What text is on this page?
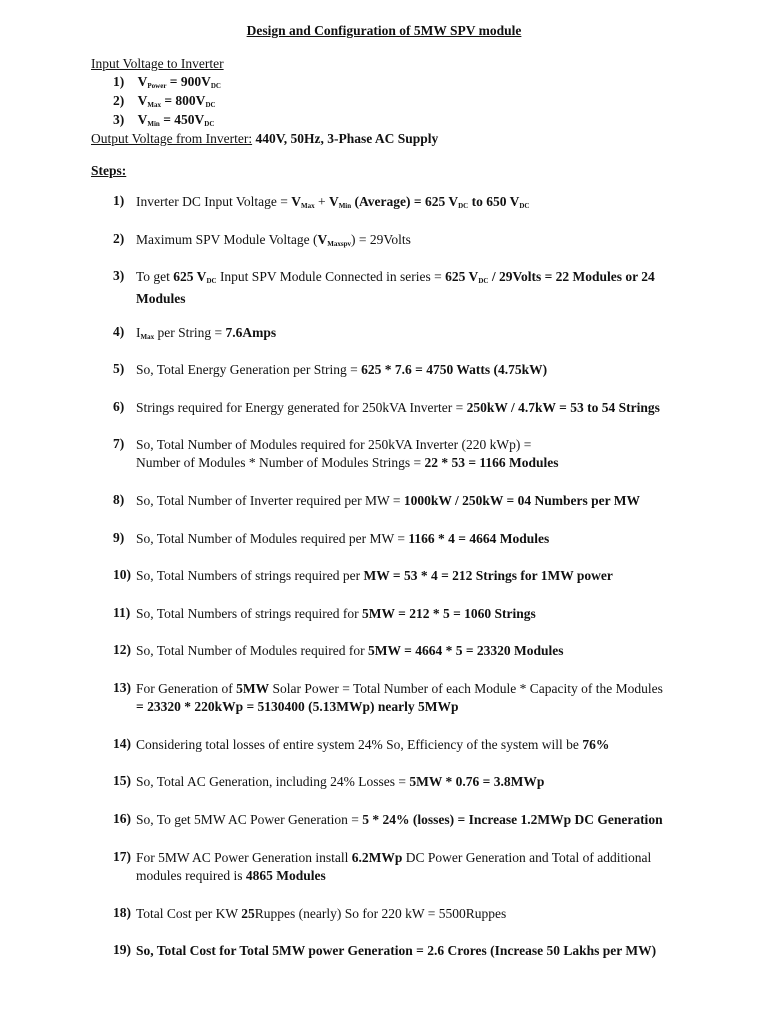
Design and Configuration of 5MW SPV module
Input Voltage to Inverter
1) $V_{Power} = 900V_{DC}$
2) $V_{Max} = 800V_{DC}$
3) $V_{Min} = 450V_{DC}$
Output Voltage from Inverter: 440V, 50Hz, 3-Phase AC Supply
Steps:
1) Inverter DC Input Voltage = $V_{Max} + V_{Min}$ (Average) = 625 $V_{DC}$ to 650 $V_{DC}$
2) Maximum SPV Module Voltage $(V_{Maxspv})$ = 29Volts
3) To get 625 $V_{DC}$ Input SPV Module Connected in series = 625 $V_{DC}$ / 29Volts = 22 Modules or 24
Modules
4) $I_{Max}$ per String = 7.6Amps
5) So, Total Energy Generation per String = 625 * 7.6 = 4750 Watts (4.75kW)
6) Strings required for Energy generated for 250kVA Inverter = 250kW / 4.7kW = 53 to 54 Strings
7) So, Total Number of Modules required for 250kVA Inverter (220 kWp) =
Number of Modules * Number of Modules Strings = 22 * 53 = 1166 Modules
8) So, Total Number of Inverter required per MW = 1000kW / 250kW = 04 Numbers per MW
9) So, Total Number of Modules required per MW = 1166 * 4 = 4664 Modules
10) So, Total Numbers of strings required per MW = 53 * 4 = 212 Strings for 1MW power
11) So, Total Numbers of strings required for 5MW = 212 * 5 = 1060 Strings
12) So, Total Number of Modules required for 5MW = 4664 * 5 = 23320 Modules
13) For Generation of 5MW Solar Power = Total Number of each Module * Capacity of the Modules
= 23320 * 220kWp = 5130400 (5.13MWp) nearly 5MWp
14) Considering total losses of entire system 24% So, Efficiency of the system will be 76%
15) So, Total AC Generation, including 24% Losses = 5MW * 0.76 = 3.8MWp
16) So, To get 5MW AC Power Generation = 5 * 24% (losses) = Increase 1.2MWp DC Generation
17) For 5MW AC Power Generation install 6.2MWp DC Power Generation and Total of additional
modules required is 4865 Modules
18) Total Cost per KW 25Ruppes (nearly) So for 220 kW = 5500Ruppes
19) So, Total Cost for Total 5MW power Generation = 2.6 Crores (Increase 50 Lakhs per MW)
